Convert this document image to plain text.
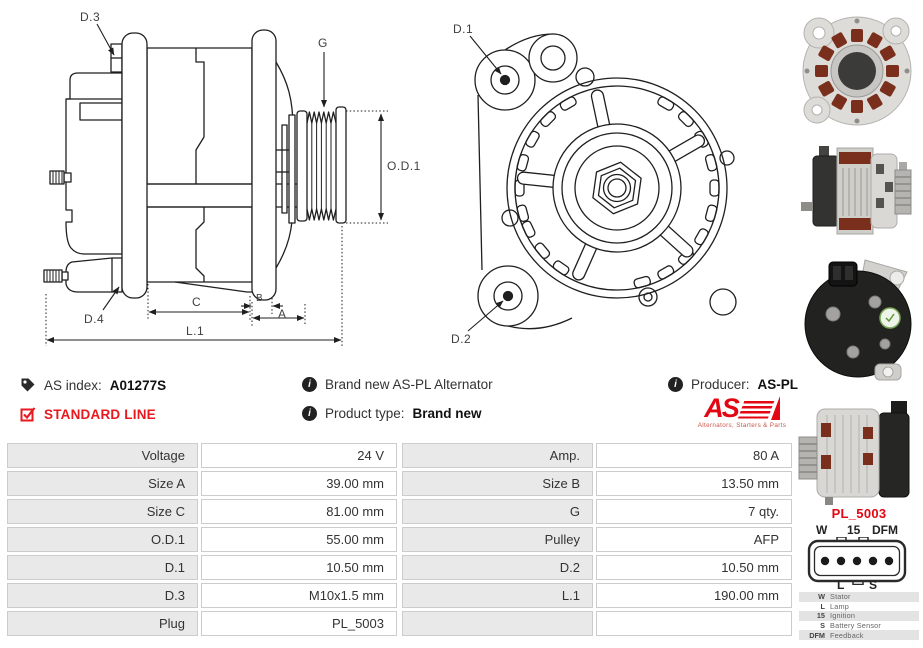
D.3
G
O.D.1
D.4
C	B
A
L.1
D.1
D.2
AS index: A01277S
STANDARD LINE
i	Brand new AS-PL Alternator
i	Product type: Brand new
i	Producer: AS-PL
AS
Alternators, Starters & Parts
Voltage	24 V	Amp.	80 A
Size A	39.00 mm	Size B	13.50 mm
Size C	81.00 mm	G	7 qty.
O.D.1	55.00 mm	Pulley	AFP
D.1	10.50 mm	D.2	10.50 mm
D.3	M10x1.5 mm	L.1	190.00 mm
Plug	PL_5003
PL_5003
W 15 DFM
L S
W Stator
L Lamp
15 Ignition
S Battery Sensor
DFM Feedback
